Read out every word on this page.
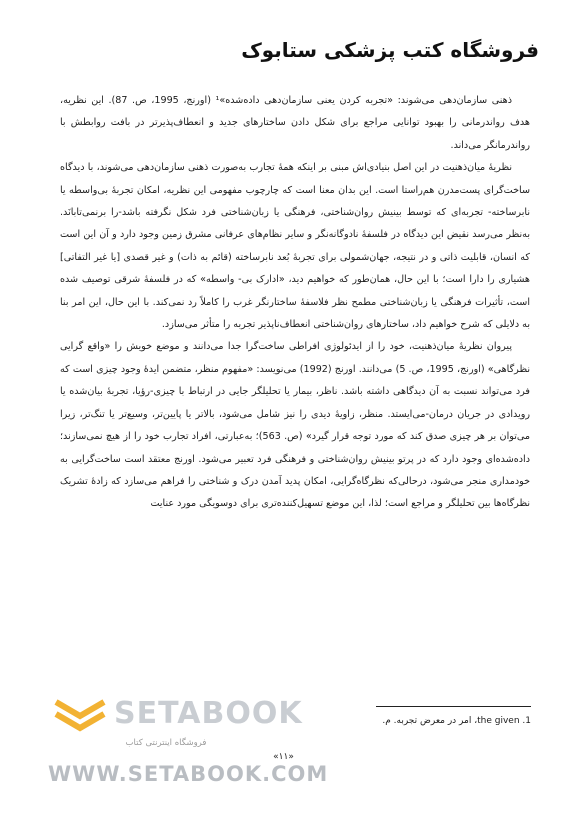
فروشگاه کتب پزشکی ستابوک

ذهنی سازمان‌دهی می‌شوند: «تجربه کردن یعنی سازمان‌دهی داده‌شده»¹ (اورنج، 1995، ص. 87). این نظریه، هدف رواندرمانی را بهبود توانایی مراجع برای شکل دادن ساختارهای جدید و انعطاف‌پذیرتر در بافت روابطش با رواندرمانگر می‌داند.

نظریهٔ میان‌ذهنیت در این اصل بنیادی‌اش مبنی بر اینکه همهٔ تجارب به‌صورت ذهنی سازمان‌دهی می‌شوند، با دیدگاه ساخت‌گرای پست‌مدرن هم‌راستا است. این بدان معنا است که چارچوب مفهومی این نظریه، امکان تجربهٔ بی‌واسطه یا نابرساخته- تجربه‌ای که توسط بینیش روان‌شناختی، فرهنگی یا زبان‌شناختی فرد شکل نگرفته باشد-را برنمی‌تابانَد. به‌نظر می‌رسد نقیض این دیدگاه در فلسفهٔ نادوگانه‌نگر و سایر نظام‌های عرفانی مشرق زمین وجود دارد و آن این است که انسان، قابلیت ذاتی و در نتیجه، جهان‌شمولی برای تجربهٔ بُعد نابرساخته (قائم به ذات) و غیر قصدی [یا غیر التفاتی] هشیاری را دارا است؛ با این حال، همان‌طور که خواهیم دید، «ادارک بی- واسطه» که در فلسفهٔ شرقی توصیف شده است، تأثیرات فرهنگی یا زبان‌شناختی مطمح نظر فلاسفهٔ ساختارنگر غرب را کاملاً رد نمی‌کند. با این حال، این امر بنا به دلایلی که شرح خواهیم داد، ساختارهای روان‌شناختی انعطاف‌ناپذیر تجربه را متأثر می‌سازد.

پیروان نظریهٔ میان‌ذهنیت، خود را از ایدئولوژی افراطی ساخت‌گرا جدا می‌دانند و موضع خویش را «واقع گرایی نظرگاهی» (اورنج، 1995، ص. 5) می‌دانند. اورنج (1992) می‌نویسد: «مفهوم منظر، متضمن ایدهٔ وجود چیزی است که فرد می‌تواند نسبت به آن دیدگاهی داشته باشد. ناظر، بیمار یا تحلیلگر جایی در ارتباط با چیزی-رؤیا، تجربهٔ بیان‌شده یا رویدادی در جریان درمان-می‌ایستد. منظر، زاویهٔ دیدی را نیز شامل می‌شود، بالاتر یا پایین‌تر، وسیع‌تر یا تنگ‌تر، زیرا می‌توان بر هر چیزی صدق کند که مورد توجه قرار گیرد» (ص. 563)؛ به‌عبارتی، افراد تجارب خود را از هیچ نمی‌سازند؛ داده‌شده‌ای وجود دارد که در پرتو بینیش روان‌شناختی و فرهنگی فرد تعبیر می‌شود. اورنج معتقد است ساخت‌گرایی به خودمداری منجر می‌شود، درحالی‌که نظرگاه‌گرایی، امکان پدید آمدن درک و شناختی را فراهم می‌سازد که زادهٔ تشریک نظرگاه‌ها بین تحلیلگر و مراجع است؛ لذا، این موضع تسهیل‌کننده‌تری برای دوسویگی مورد عنایت

1. the given، امر در معرض تجربه. م.
SETABOOK
فروشگاه اینترنتی کتاب
WWW.SETABOOK.COM
«۱۱»
